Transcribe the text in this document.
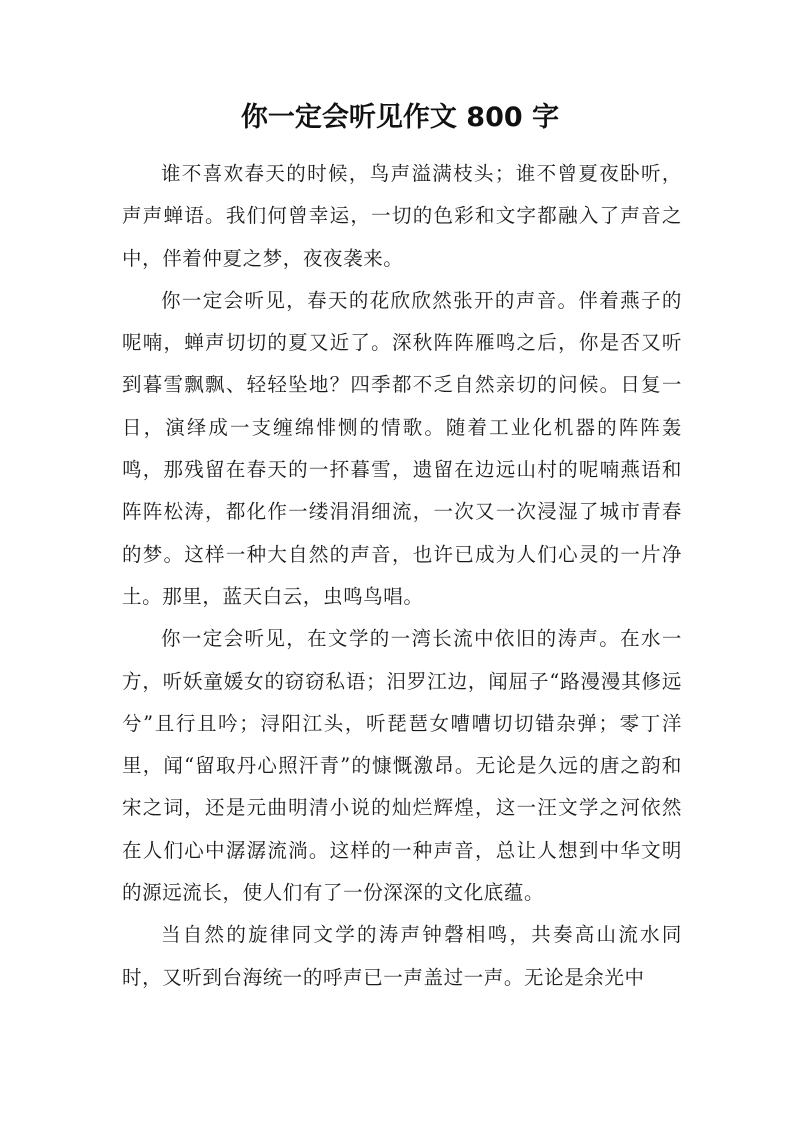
你一定会听见作文 800 字

谁不喜欢春天的时候，鸟声溢满枝头；谁不曾夏夜卧听，声声蝉语。我们何曾幸运，一切的色彩和文字都融入了声音之中，伴着仲夏之梦，夜夜袭来。

你一定会听见，春天的花欣欣然张开的声音。伴着燕子的呢喃，蝉声切切的夏又近了。深秋阵阵雁鸣之后，你是否又听到暮雪飘飘、轻轻坠地？四季都不乏自然亲切的问候。日复一日，演绎成一支缠绵悱恻的情歌。随着工业化机器的阵阵轰鸣，那残留在春天的一抔暮雪，遗留在边远山村的呢喃燕语和阵阵松涛，都化作一缕涓涓细流，一次又一次浸湿了城市青春的梦。这样一种大自然的声音，也许已成为人们心灵的一片净土。那里，蓝天白云，虫鸣鸟唱。

你一定会听见，在文学的一湾长流中依旧的涛声。在水一方，听妖童媛女的窃窃私语；汨罗江边，闻屈子“路漫漫其修远兮”且行且吟；浔阳江头，听琵琶女嘈嘈切切错杂弹；零丁洋里，闻“留取丹心照汗青”的慷慨激昂。无论是久远的唐之韵和宋之词，还是元曲明清小说的灿烂辉煌，这一汪文学之河依然在人们心中潺潺流淌。这样的一种声音，总让人想到中华文明的源远流长，使人们有了一份深深的文化底蕴。

当自然的旋律同文学的涛声钟磬相鸣，共奏高山流水同时，又听到台海统一的呼声已一声盖过一声。无论是余光中
